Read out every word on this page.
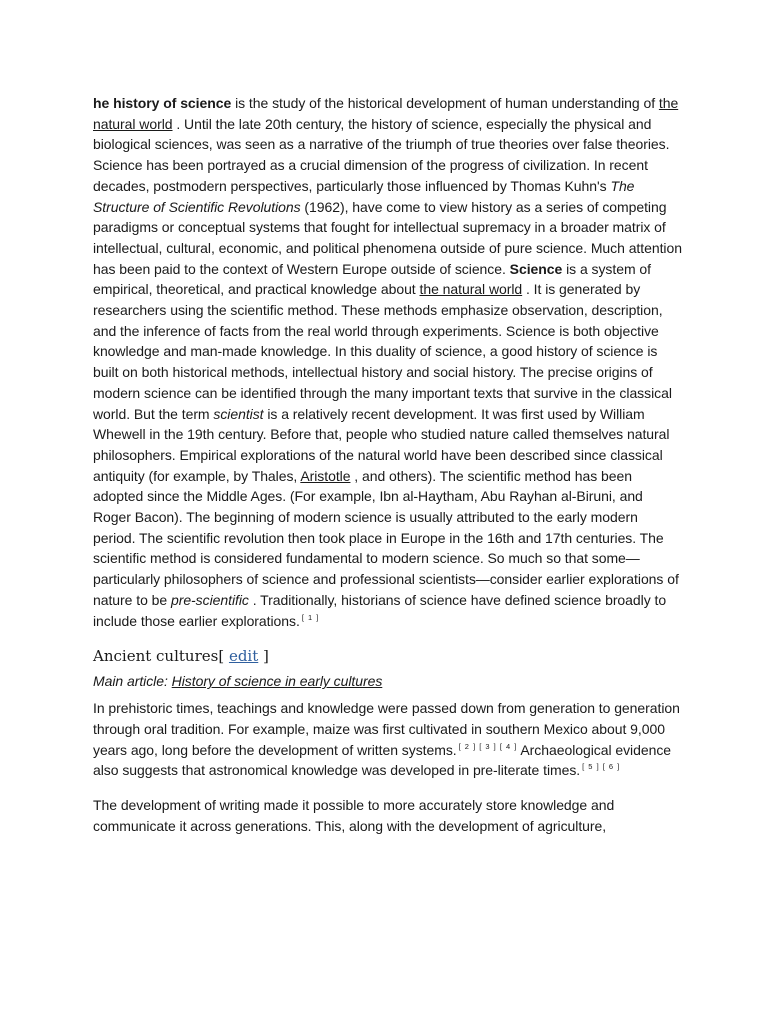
he history of science is the study of the historical development of human understanding of the natural world . Until the late 20th century, the history of science, especially the physical and biological sciences, was seen as a narrative of the triumph of true theories over false theories. Science has been portrayed as a crucial dimension of the progress of civilization. In recent decades, postmodern perspectives, particularly those influenced by Thomas Kuhn's The Structure of Scientific Revolutions (1962), have come to view history as a series of competing paradigms or conceptual systems that fought for intellectual supremacy in a broader matrix of intellectual, cultural, economic, and political phenomena outside of pure science. Much attention has been paid to the context of Western Europe outside of science. Science is a system of empirical, theoretical, and practical knowledge about the natural world . It is generated by researchers using the scientific method. These methods emphasize observation, description, and the inference of facts from the real world through experiments. Science is both objective knowledge and man-made knowledge. In this duality of science, a good history of science is built on both historical methods, intellectual history and social history. The precise origins of modern science can be identified through the many important texts that survive in the classical world. But the term scientist is a relatively recent development. It was first used by William Whewell in the 19th century. Before that, people who studied nature called themselves natural philosophers. Empirical explorations of the natural world have been described since classical antiquity (for example, by Thales, Aristotle , and others). The scientific method has been adopted since the Middle Ages. (For example, Ibn al-Haytham, Abu Rayhan al-Biruni, and Roger Bacon). The beginning of modern science is usually attributed to the early modern period. The scientific revolution then took place in Europe in the 16th and 17th centuries. The scientific method is considered fundamental to modern science. So much so that some—particularly philosophers of science and professional scientists—consider earlier explorations of nature to be pre-scientific . Traditionally, historians of science have defined science broadly to include those earlier explorations. [ 1 ]

Ancient cultures[ edit ]

Main article: History of science in early cultures

In prehistoric times, teachings and knowledge were passed down from generation to generation through oral tradition. For example, maize was first cultivated in southern Mexico about 9,000 years ago, long before the development of written systems. [ 2 ] [ 3 ] [ 4 ] Archaeological evidence also suggests that astronomical knowledge was developed in pre-literate times. [ 5 ] [ 6 ]

The development of writing made it possible to more accurately store knowledge and communicate it across generations. This, along with the development of agriculture,
